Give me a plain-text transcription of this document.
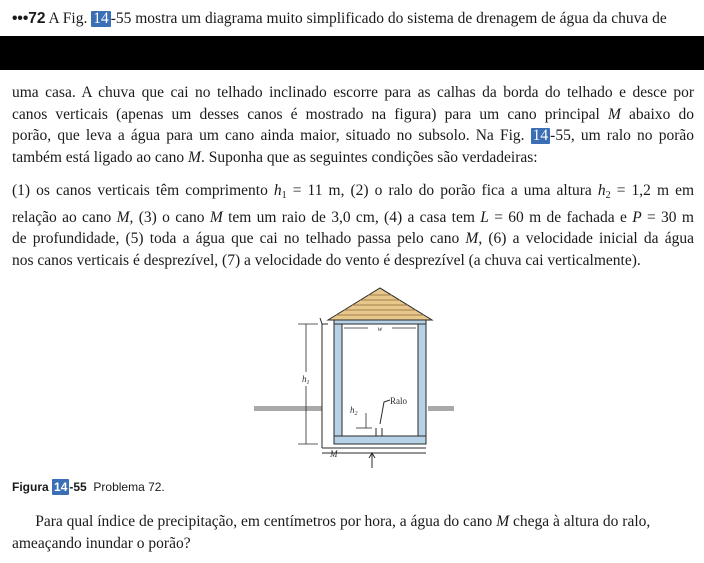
•••72 A Fig. 14 -55 mostra um diagrama muito simplificado do sistema de drenagem de água da chuva de
uma casa. A chuva que cai no telhado inclinado escorre para as calhas da borda do telhado e desce por
canos verticais (apenas um desses canos é mostrado na figura) para um cano principal M abaixo do
porão, que leva a água para um cano ainda maior, situado no subsolo. Na Fig. 14 -55, um ralo no porão
também está ligado ao cano M. Suponha que as seguintes condições são verdadeiras:
(1) os canos verticais têm comprimento $h_1 = 11$ m, (2) o ralo do porão fica a uma altura $h_2 = 1,2$ m em
relação ao cano M, (3) o cano M tem um raio de 3,0 cm, (4) a casa tem L = 60 m de fachada e P = 30 m
de profundidade, (5) toda a água que cai no telhado passa pelo cano M, (6) a velocidade inicial da água
nos canos verticais é desprezível, (7) a velocidade do vento é desprezível (a chuva cai verticalmente).
w
$h_1$
$h_2$
Ralo
M
Figura 14 -55 Problema 72.
Para qual índice de precipitação, em centímetros por hora, a água do cano M chega à altura do ralo,
ameaçando inundar o porão?
